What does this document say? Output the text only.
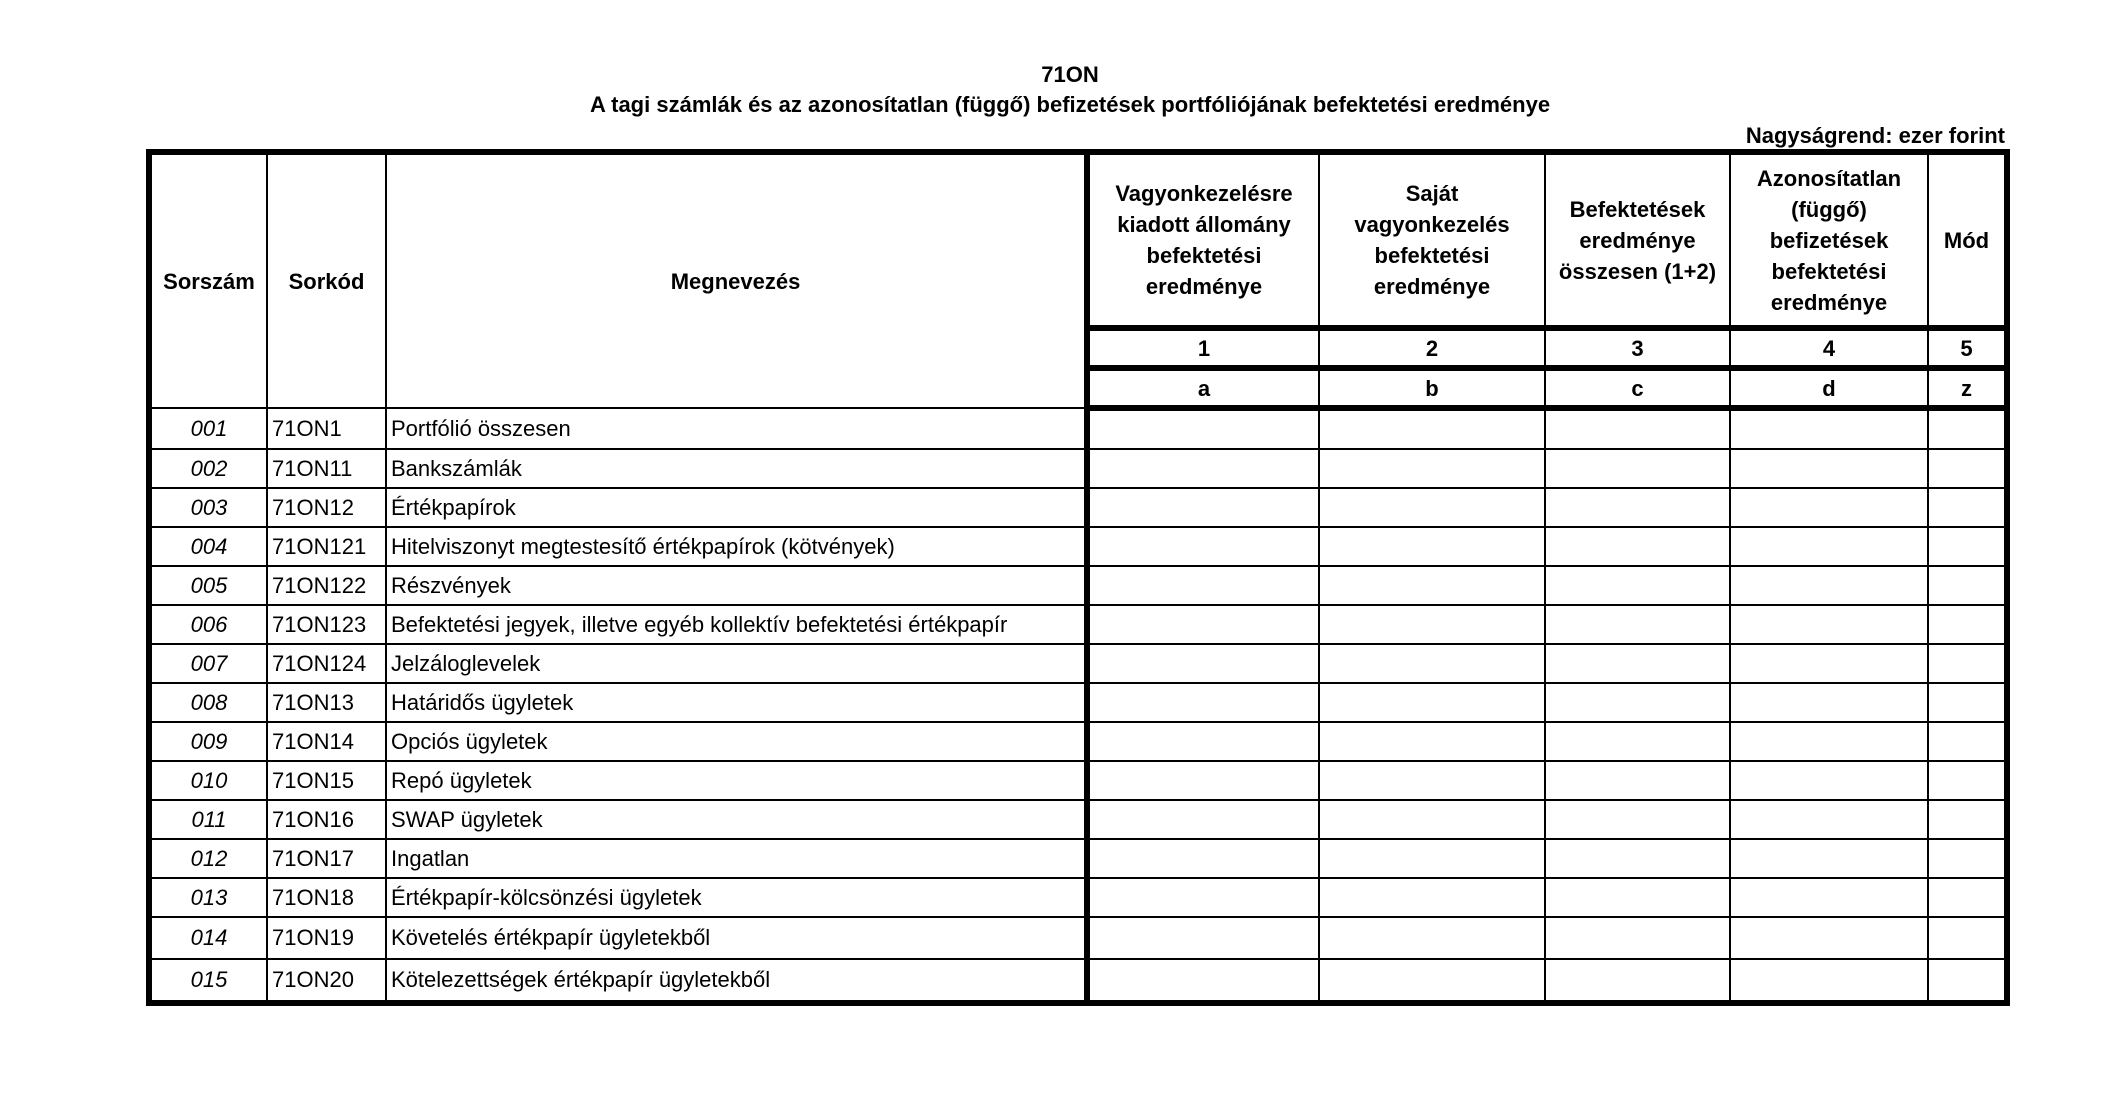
71ON
A tagi számlák és az azonosítatlan (függő) befizetések portfóliójának befektetési eredménye
Nagyságrend: ezer forint
Sorszám	Sorkód	Megnevezés	Vagyonkezelésre kiadott állomány befektetési eredménye	Saját vagyonkezelés befektetési eredménye	Befektetések eredménye összesen (1+2)	Azonosítatlan (függő) befizetések befektetési eredménye	Mód
			1	2	3	4	5
			a	b	c	d	z
001	71ON1	Portfólió összesen					
002	71ON11	Bankszámlák					
003	71ON12	Értékpapírok					
004	71ON121	Hitelviszonyt megtestesítő értékpapírok (kötvények)					
005	71ON122	Részvények					
006	71ON123	Befektetési jegyek, illetve egyéb kollektív befektetési értékpapír					
007	71ON124	Jelzáloglevelek					
008	71ON13	Határidős ügyletek					
009	71ON14	Opciós ügyletek					
010	71ON15	Repó ügyletek					
011	71ON16	SWAP ügyletek					
012	71ON17	Ingatlan					
013	71ON18	Értékpapír-kölcsönzési ügyletek					
014	71ON19	Követelés értékpapír ügyletekből					
015	71ON20	Kötelezettségek értékpapír ügyletekből					
